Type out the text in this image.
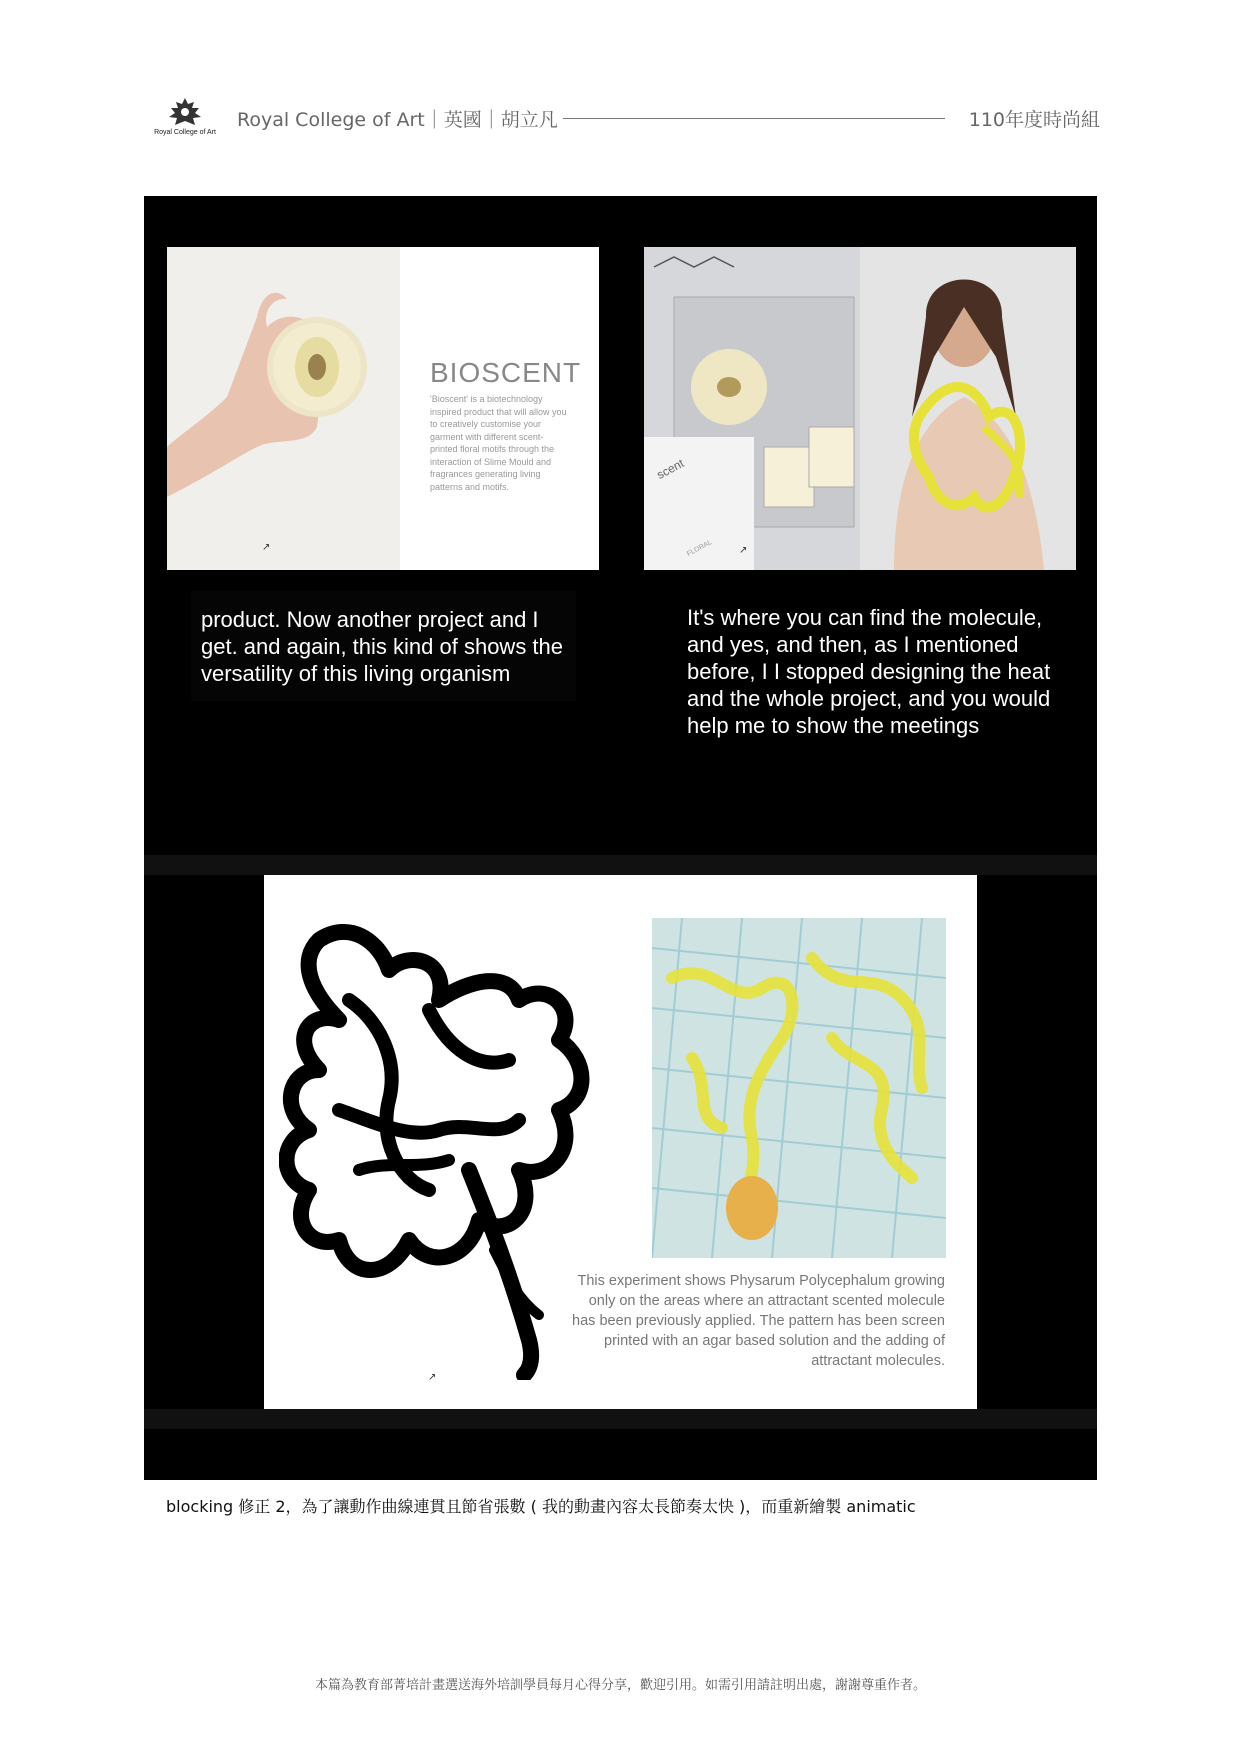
Royal College of Art
Royal College of Art｜英國｜胡立凡	110年度時尚組
BIOSCENT
'Bioscent' is a biotechnology inspired product that will allow you to creatively customise your garment with different scent-printed floral motifs through the interaction of Slime Mould and fragrances generating living patterns and motifs.
↗
scent
FLORAL	↗
product. Now another project and I get. and again, this kind of shows the versatility of this living organism
It's where you can find the molecule, and yes, and then, as I mentioned before, I I stopped designing the heat and the whole project, and you would help me to show the meetings
↗
This experiment shows Physarum Polycephalum growing only on the areas where an attractant scented molecule has been previously applied. The pattern has been screen printed with an agar based solution and the adding of attractant molecules.
blocking 修正 2，為了讓動作曲線連貫且節省張數 ( 我的動畫內容太長節奏太快 )，而重新繪製 animatic
本篇為教育部菁培計畫選送海外培訓學員每月心得分享，歡迎引用。如需引用請註明出處，謝謝尊重作者。
